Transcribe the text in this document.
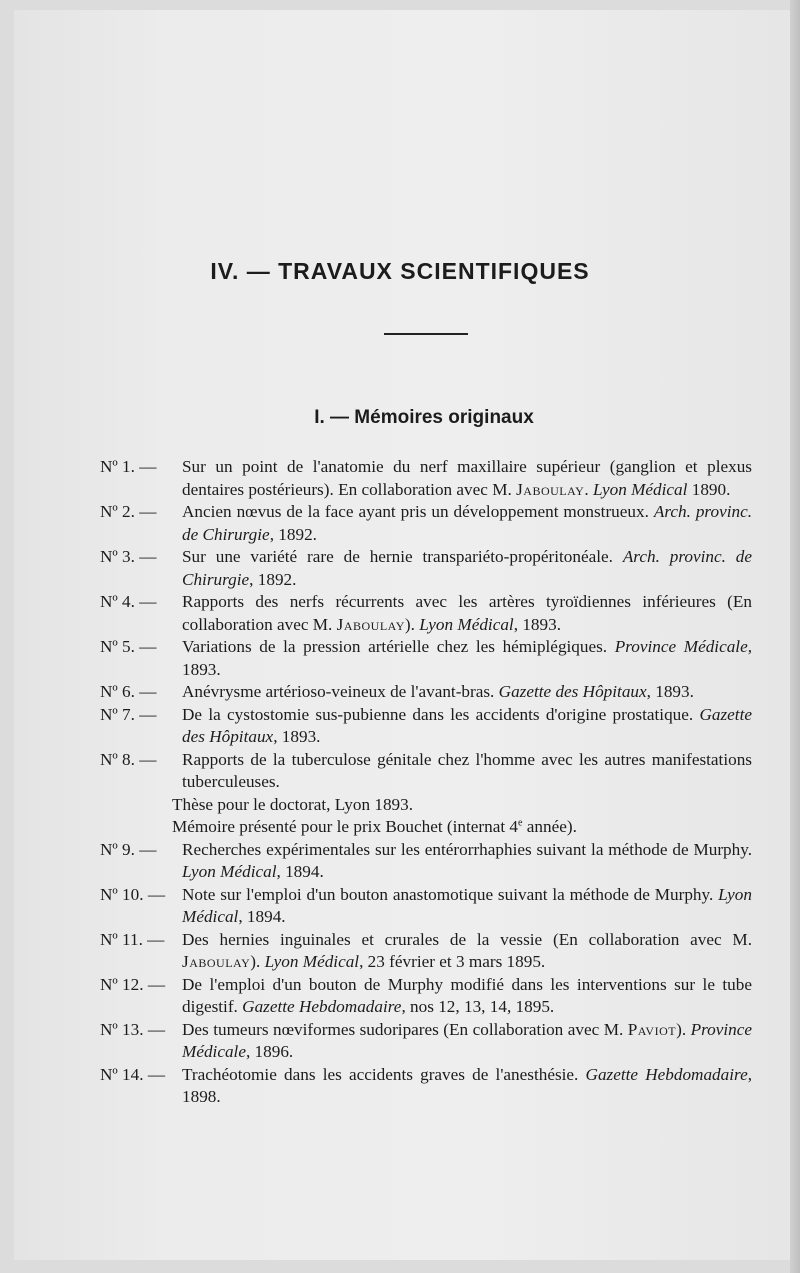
IV. — TRAVAUX SCIENTIFIQUES
I. — Mémoires originaux
Nº 1. —	Sur un point de l'anatomie du nerf maxillaire supérieur (ganglion et plexus dentaires postérieurs). En collaboration avec M. Jaboulay. Lyon Médical 1890.
Nº 2. —	Ancien nœvus de la face ayant pris un développement monstrueux. Arch. provinc. de Chirurgie, 1892.
Nº 3. —	Sur une variété rare de hernie transpariéto-propéritonéale. Arch. provinc. de Chirurgie, 1892.
Nº 4. —	Rapports des nerfs récurrents avec les artères tyroïdiennes inférieures (En collaboration avec M. Jaboulay). Lyon Médical, 1893.
Nº 5. —	Variations de la pression artérielle chez les hémiplégiques. Province Médicale, 1893.
Nº 6. —	Anévrysme artérioso-veineux de l'avant-bras. Gazette des Hôpitaux, 1893.
Nº 7. —	De la cystostomie sus-pubienne dans les accidents d'origine prostatique. Gazette des Hôpitaux, 1893.
Nº 8. —	Rapports de la tuberculose génitale chez l'homme avec les autres manifestations tuberculeuses.
Thèse pour le doctorat, Lyon 1893.
Mémoire présenté pour le prix Bouchet (internat 4e année).
Nº 9. —	Recherches expérimentales sur les entérorrhaphies suivant la méthode de Murphy. Lyon Médical, 1894.
Nº 10. — Note sur l'emploi d'un bouton anastomotique suivant la méthode de Murphy. Lyon Médical, 1894.
Nº 11. —	Des hernies inguinales et crurales de la vessie (En collaboration avec M. Jaboulay). Lyon Médical, 23 février et 3 mars 1895.
Nº 12. — De l'emploi d'un bouton de Murphy modifié dans les interventions sur le tube digestif. Gazette Hebdomadaire, nos 12, 13, 14, 1895.
Nº 13. — Des tumeurs nœviformes sudoripares (En collaboration avec M. Paviot). Province Médicale, 1896.
Nº 14. — Trachéotomie dans les accidents graves de l'anesthésie. Gazette Hebdomadaire, 1898.
